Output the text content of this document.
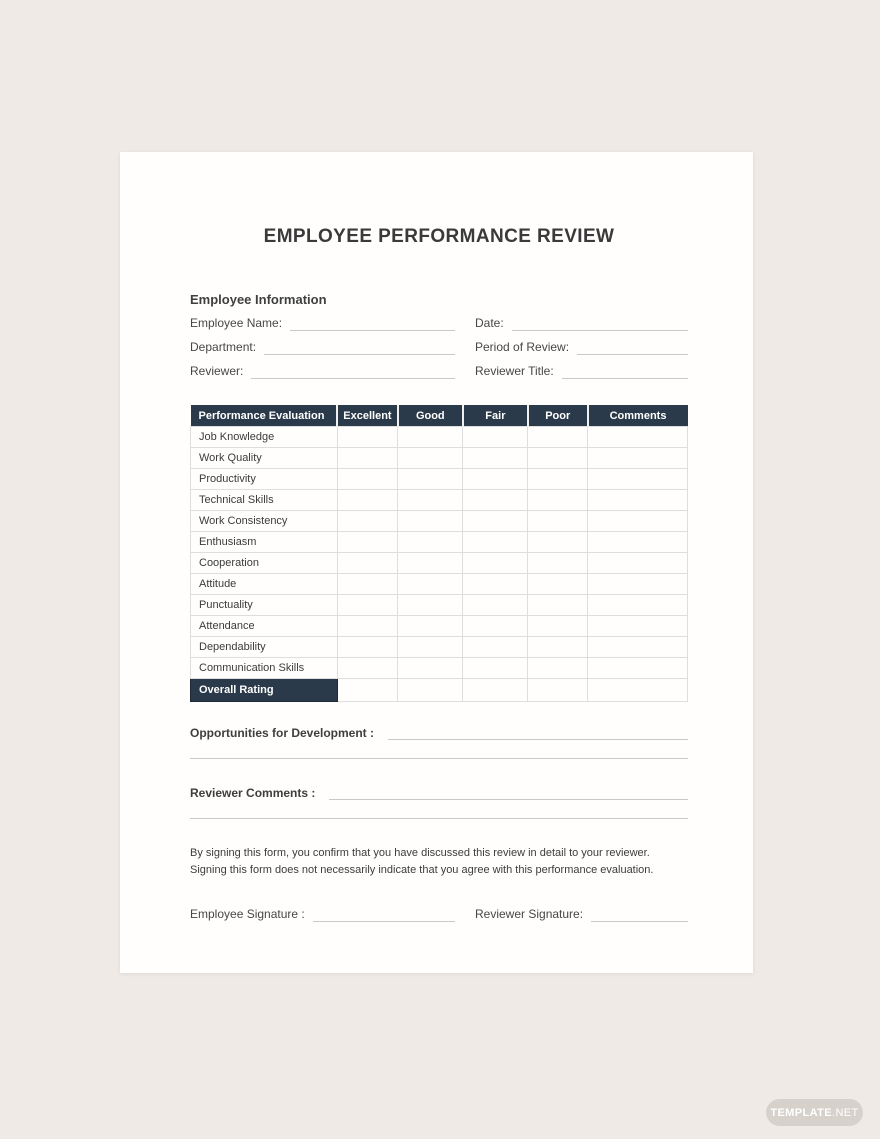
EMPLOYEE PERFORMANCE REVIEW
Employee Information
Employee Name:	Date:
Department:	Period of Review:
Reviewer:	Reviewer Title:
Performance Evaluation	Excellent	Good	Fair	Poor	Comments
Job Knowledge					
Work Quality					
Productivity					
Technical Skills					
Work Consistency					
Enthusiasm					
Cooperation					
Attitude					
Punctuality					
Attendance					
Dependability					
Communication Skills					
Overall Rating					
Opportunities for Development :
Reviewer Comments :

By signing this form, you confirm that you have discussed this review in detail to your reviewer. Signing this form does not necessarily indicate that you agree with this performance evaluation.

Employee Signature :	Reviewer Signature:
TEMPLATE .NET
